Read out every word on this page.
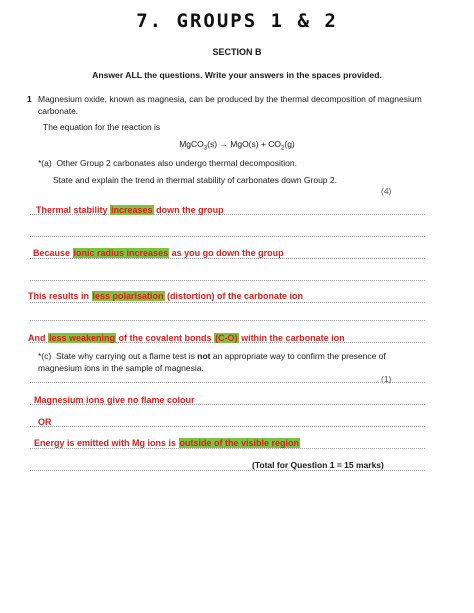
7. GROUPS 1 & 2
SECTION B
Answer ALL the questions. Write your answers in the spaces provided.
1 Magnesium oxide, known as magnesia, can be produced by the thermal decomposition of magnesium carbonate.
The equation for the reaction is
MgCO$_3$(s) → $MgO(s) + CO_2(g)$
*(a) Other Group 2 carbonates also undergo thermal decomposition.
State and explain the trend in thermal stability of carbonates down Group 2.
(4)
Thermal stability increases down the group
Because ionic radius increases as you go down the group
This results in less polarisation (distortion) of the carbonate ion
And less weakening of the covalent bonds (C-O) within the carbonate ion
*(c) State why carrying out a flame test is not an appropriate way to confirm the presence of magnesium ions in the sample of magnesia.
(1)
Magnesium ions give no flame colour
OR
Energy is emitted with Mg ions is outside of the visible region
(Total for Question 1 = 15 marks)
